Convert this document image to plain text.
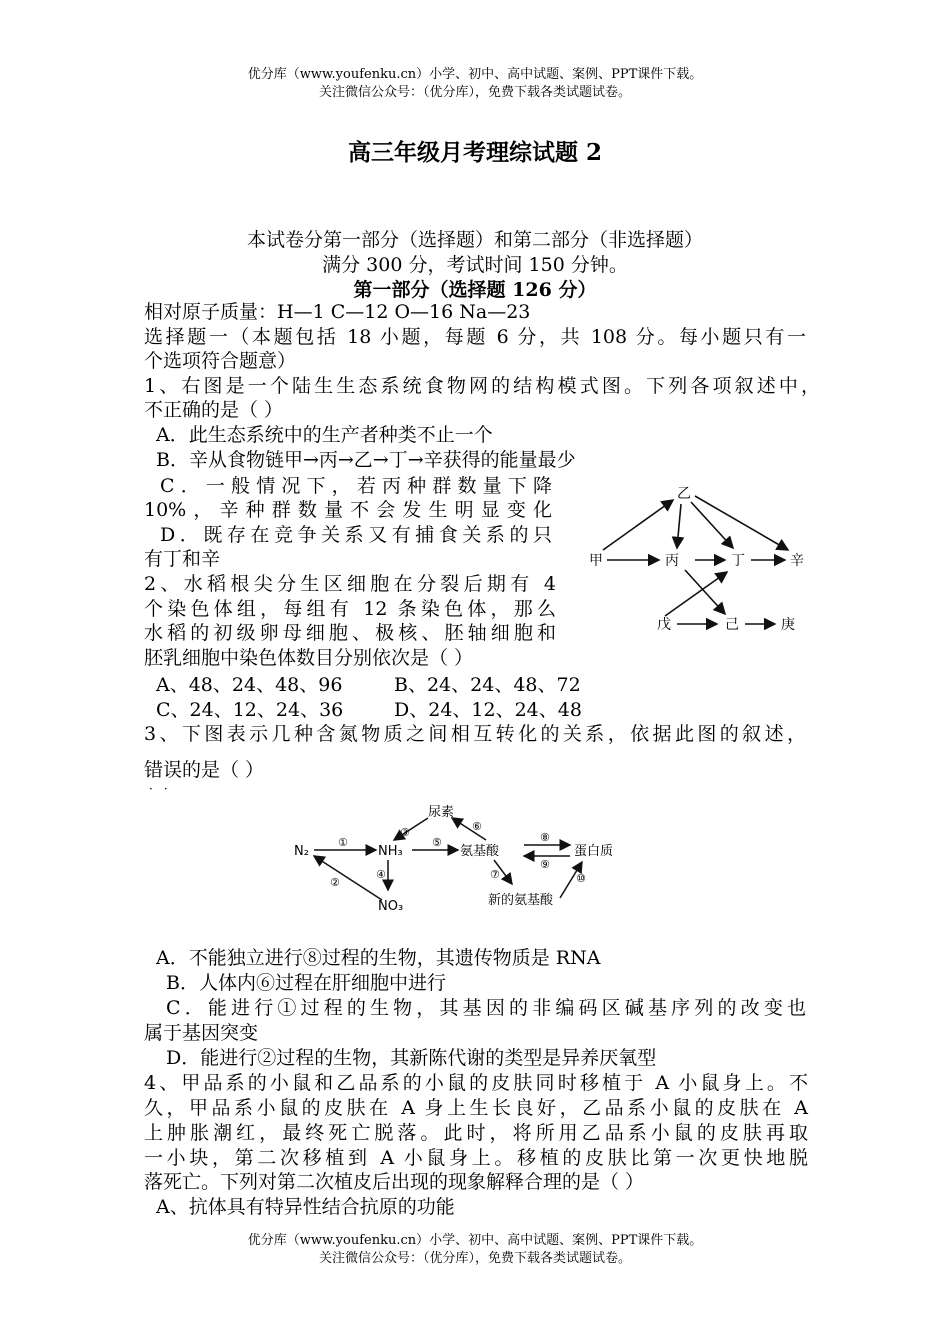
优分库（www.youfenku.cn）小学、初中、高中试题、案例、PPT课件下载。
关注微信公众号：（优分库），免费下载各类试题试卷。
高三年级月考理综试题 2
本试卷分第一部分（选择题）和第二部分（非选择题）
满分 300 分，考试时间 150 分钟。
第一部分（选择题 126 分）
相对原子质量：H—1 C—12 O—16 Na—23
选择题一（本题包括 18 小题，每题 6 分，共 108 分。每小题只有一
个选项符合题意）
1、右图是一个陆生生态系统食物网的结构模式图。下列各项叙述中，
不正确的是（ ）
A．此生态系统中的生产者种类不止一个
B．辛从食物链甲→丙→乙→丁→辛获得的能量最少
C．一般情况下，若丙种群数量下降
10%，辛种群数量不会发生明显变化
D．既存在竞争关系又有捕食关系的只
有丁和辛	甲	丙
乙
丁	辛
戊	己	庚
2、水稻根尖分生区细胞在分裂后期有 4
个染色体组，每组有 12 条染色体，那么
水稻的初级卵母细胞、极核、胚轴细胞和
胚乳细胞中染色体数目分别依次是（ ）
A、48、24、48、96	B、24、24、48、72
C、24、12、24、36	D、24、12、24、48
3、下图表示几种含氮物质之间相互转化的关系，依据此图的叙述，
错误的是（ ）
··
N₂	NH₃
NO₃
尿素
氨基酸	蛋白质
新的氨基酸
①
②
③
④
⑤
⑥
⑦
⑧
⑨
⑩
A．不能独立进行⑧过程的生物，其遗传物质是 RNA
B．人体内⑥过程在肝细胞中进行
C．能进行①过程的生物，其基因的非编码区碱基序列的改变也
属于基因突变
D．能进行②过程的生物，其新陈代谢的类型是异养厌氧型
4、甲品系的小鼠和乙品系的小鼠的皮肤同时移植于 A 小鼠身上。不
久，甲品系小鼠的皮肤在 A 身上生长良好，乙品系小鼠的皮肤在 A
上肿胀潮红，最终死亡脱落。此时，将所用乙品系小鼠的皮肤再取
一小块，第二次移植到 A 小鼠身上。移植的皮肤比第一次更快地脱
落死亡。下列对第二次植皮后出现的现象解释合理的是（ ）
A、抗体具有特异性结合抗原的功能
优分库（www.youfenku.cn）小学、初中、高中试题、案例、PPT课件下载。
关注微信公众号：（优分库），免费下载各类试题试卷。
